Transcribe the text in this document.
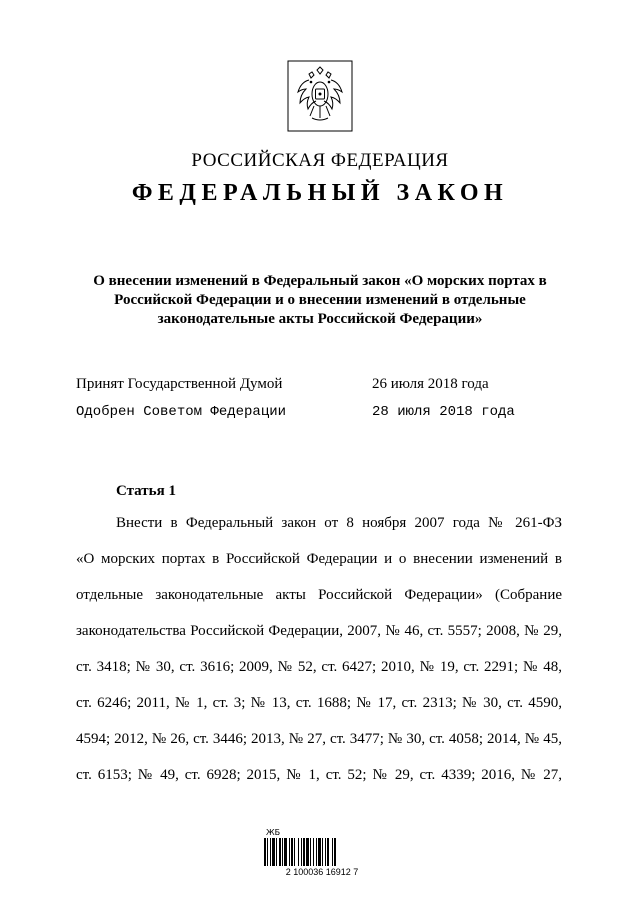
РОССИЙСКАЯ ФЕДЕРАЦИЯ
ФЕДЕРАЛЬНЫЙ ЗАКОН
О внесении изменений в Федеральный закон «О морских портах в
Российской Федерации и о внесении изменений в отдельные
законодательные акты Российской Федерации»
Принят Государственной Думой	26 июля 2018 года
Одобрен Советом Федерации	28 июля 2018 года
Статья 1
Внести в Федеральный закон от 8 ноября 2007 года № 261-ФЗ
«О морских портах в Российской Федерации и о внесении изменений в
отдельные законодательные акты Российской Федерации» (Собрание
законодательства Российской Федерации, 2007, № 46, ст. 5557; 2008, № 29,
ст. 3418; № 30, ст. 3616; 2009, № 52, ст. 6427; 2010, № 19, ст. 2291; № 48,
ст. 6246; 2011, № 1, ст. 3; № 13, ст. 1688; № 17, ст. 2313; № 30, ст. 4590,
4594; 2012, № 26, ст. 3446; 2013, № 27, ст. 3477; № 30, ст. 4058; 2014, № 45,
ст. 6153; № 49, ст. 6928; 2015, № 1, ст. 52; № 29, ст. 4339; 2016, № 27,
ЖБ
2 100036 16912 7
